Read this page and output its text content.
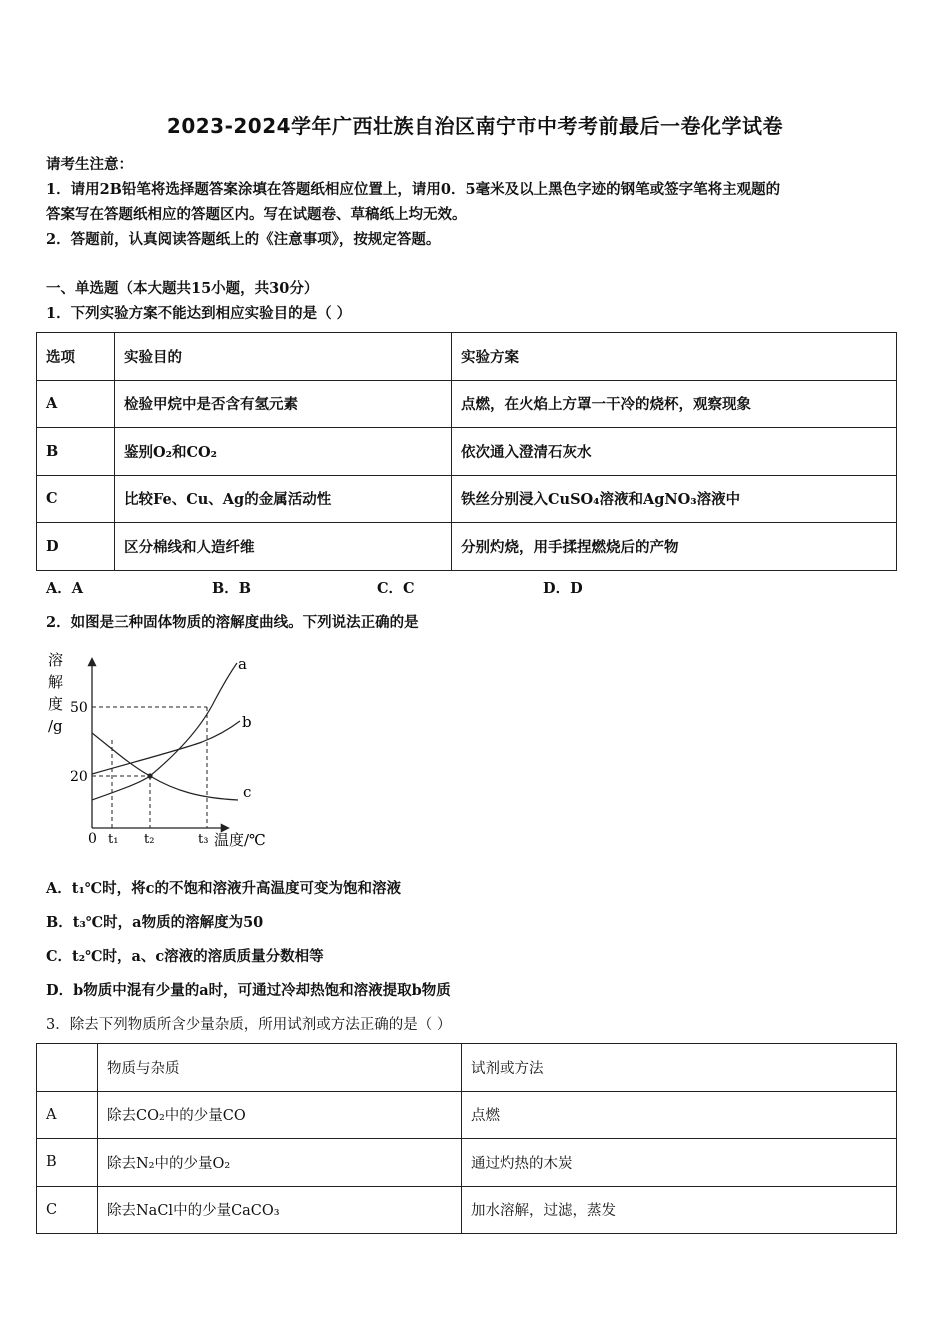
2023-2024学年广西壮族自治区南宁市中考考前最后一卷化学试卷
请考生注意：
1．请用2B铅笔将选择题答案涂填在答题纸相应位置上，请用0．5毫米及以上黑色字迹的钢笔或签字笔将主观题的
答案写在答题纸相应的答题区内。写在试题卷、草稿纸上均无效。
2．答题前，认真阅读答题纸上的《注意事项》，按规定答题。
一、单选题（本大题共15小题，共30分）
1．下列实验方案不能达到相应实验目的是（ ）
选项	实验目的	实验方案
A	检验甲烷中是否含有氢元素	点燃，在火焰上方罩一干冷的烧杯，观察现象
B	鉴别O₂和CO₂	依次通入澄清石灰水
C	比较Fe、Cu、Ag的金属活动性	铁丝分别浸入CuSO₄溶液和AgNO₃溶液中
D	区分棉线和人造纤维	分别灼烧，用手揉捏燃烧后的产物
A．A	B．B	C．C	D．D
2．如图是三种固体物质的溶解度曲线。下列说法正确的是
溶
解
度
/g
50
20
0 t₁ t₂	t₃ 温度/℃
a
b
c
A．t₁℃时，将c的不饱和溶液升高温度可变为饱和溶液
B．t₃℃时，a物质的溶解度为50
C．t₂℃时，a、c溶液的溶质质量分数相等
D．b物质中混有少量的a时，可通过冷却热饱和溶液提取b物质
3．除去下列物质所含少量杂质，所用试剂或方法正确的是（ ）
	物质与杂质	试剂或方法
A	除去CO₂中的少量CO	点燃
B	除去N₂中的少量O₂	通过灼热的木炭
C	除去NaCl中的少量CaCO₃	加水溶解，过滤，蒸发
